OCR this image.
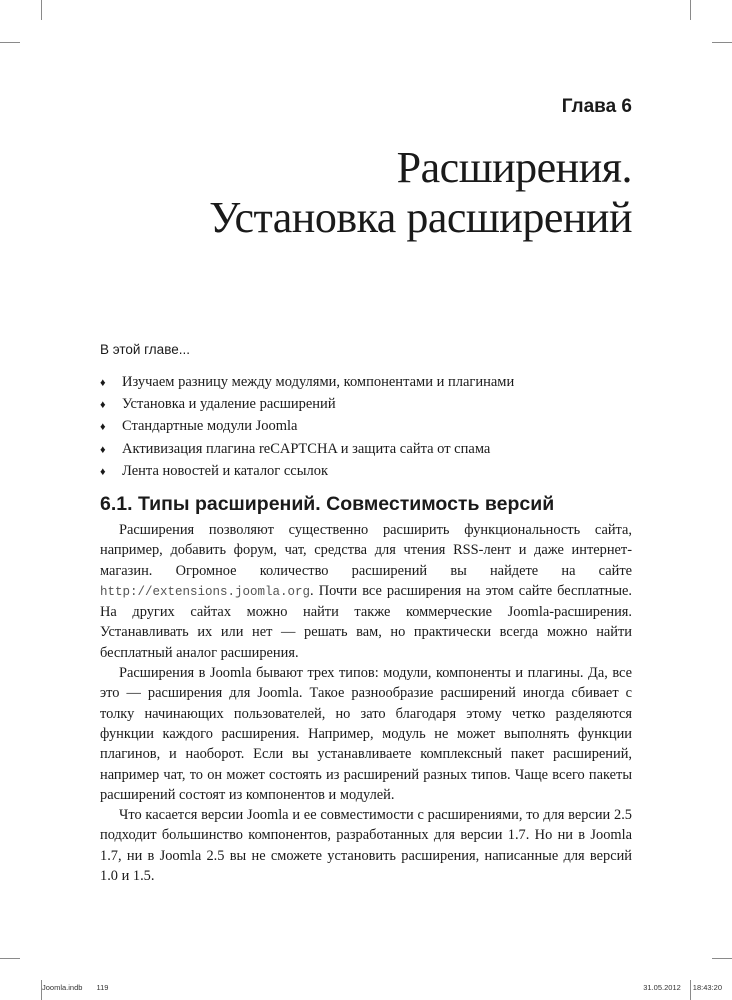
Глава 6
Расширения.
Установка расширений
В этой главе...
♦ Изучаем разницу между модулями, компонентами и плагинами
♦ Установка и удаление расширений
♦ Стандартные модули Joomla
♦ Активизация плагина reCAPTCHA и защита сайта от спама
♦ Лента новостей и каталог ссылок
6.1. Типы расширений. Совместимость версий

Расширения позволяют существенно расширить функциональность сайта, например, добавить форум, чат, средства для чтения RSS-лент и даже интернет-магазин. Огромное количество расширений вы найдете на сайте http://extensions.joomla.org. Почти все расширения на этом сайте бесплатные. На других сайтах можно найти также коммерческие Joomla-расширения. Устанавливать их или нет — решать вам, но практически всегда можно найти бесплатный аналог расширения.

Расширения в Joomla бывают трех типов: модули, компоненты и плагины. Да, все это — расширения для Joomla. Такое разнообразие расширений иногда сбивает с толку начинающих пользователей, но зато благодаря этому четко разделяются функции каждого расширения. Например, модуль не может выполнять функции плагинов, и наоборот. Если вы устанавливаете комплексный пакет расширений, например чат, то он может состоять из расширений разных типов. Чаще всего пакеты расширений состоят из компонентов и модулей.

Что касается версии Joomla и ее совместимости с расширениями, то для версии 2.5 подходит большинство компонентов, разработанных для версии 1.7. Но ни в Joomla 1.7, ни в Joomla 2.5 вы не сможете установить расширения, написанные для версий 1.0 и 1.5.

Joomla.indb 119	31.05.2012 18:43:20
